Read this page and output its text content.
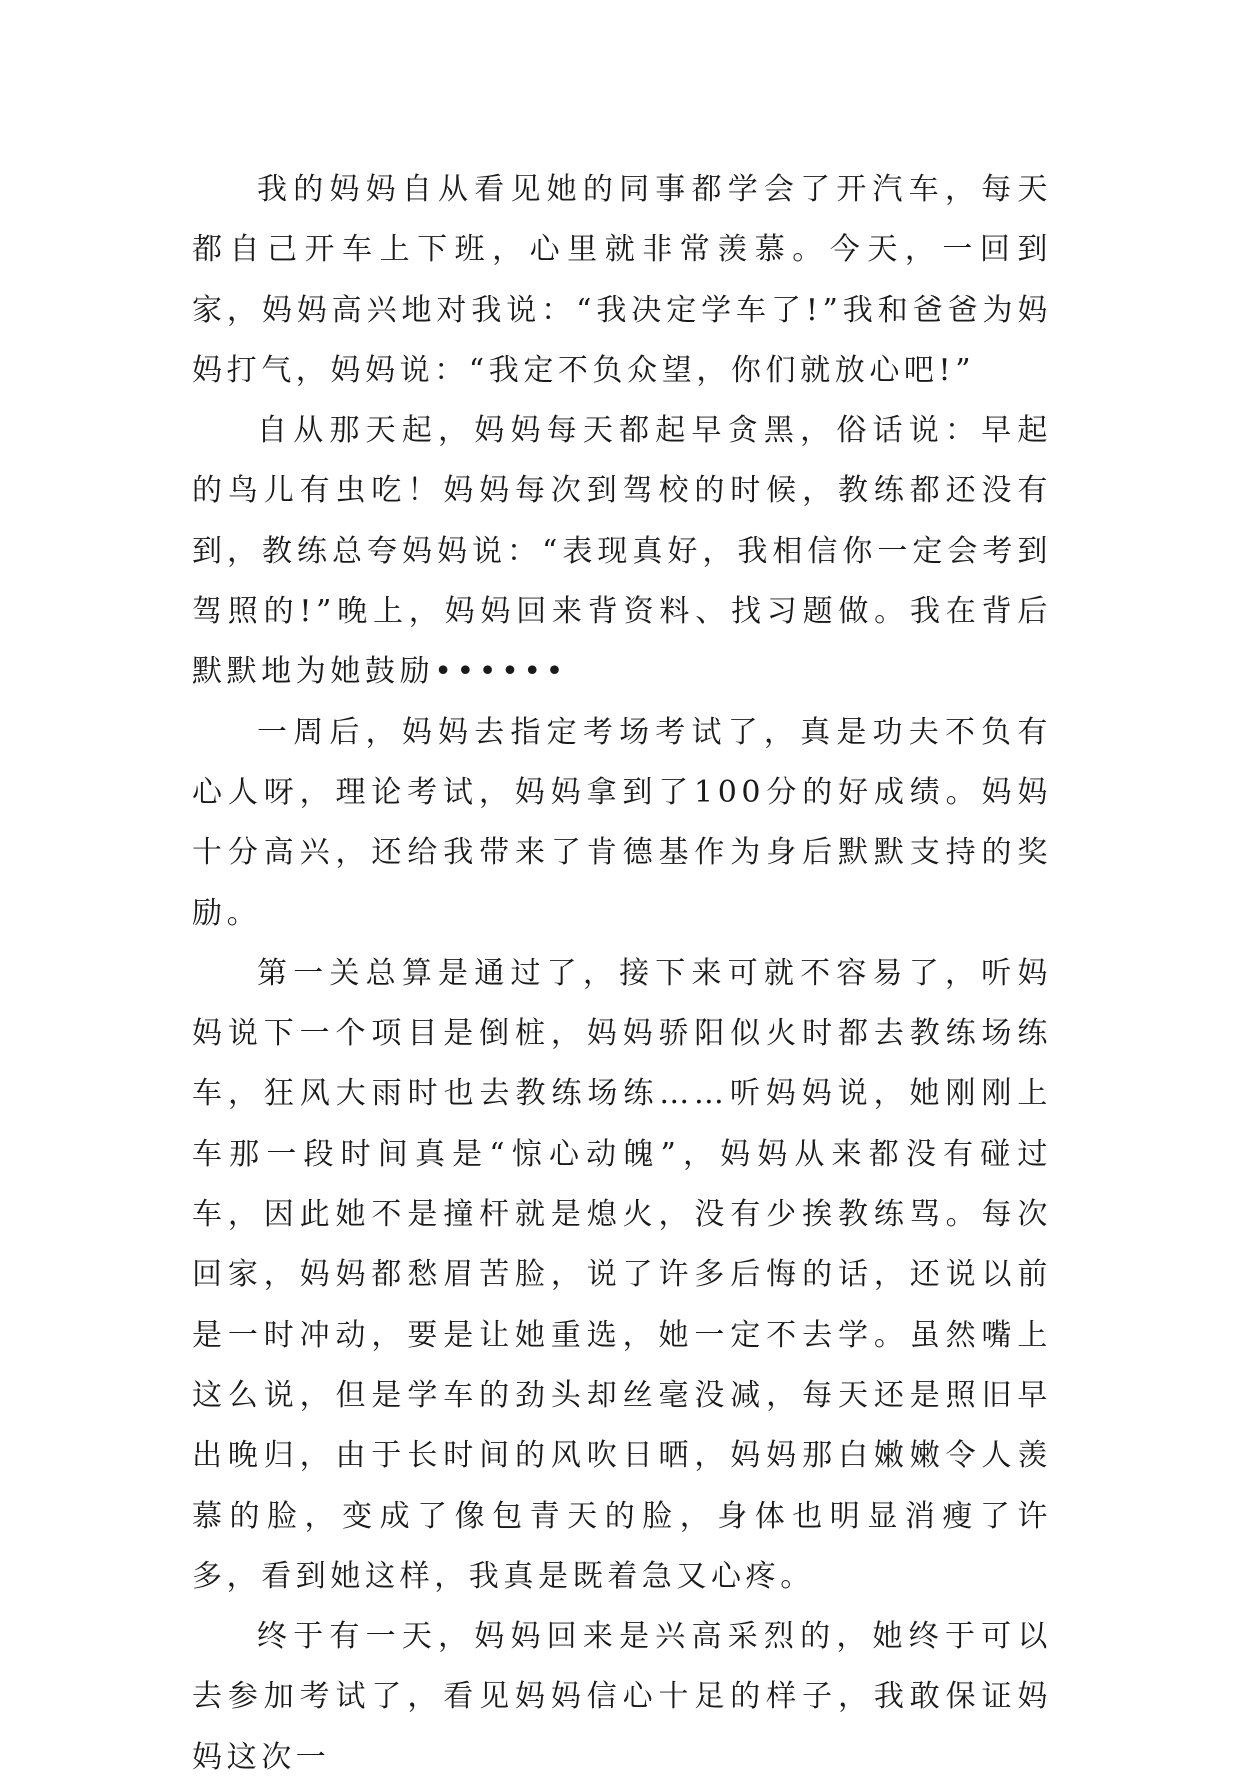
我的妈妈自从看见她的同事都学会了开汽车，每天都自己开车上下班，心里就非常羡慕。今天，一回到家，妈妈高兴地对我说：“我决定学车了!”我和爸爸为妈妈打气，妈妈说：“我定不负众望，你们就放心吧!”

自从那天起，妈妈每天都起早贪黑，俗话说：早起的鸟儿有虫吃！妈妈每次到驾校的时候，教练都还没有到，教练总夸妈妈说：“表现真好，我相信你一定会考到驾照的!”晚上，妈妈回来背资料、找习题做。我在背后默默地为她鼓励••••••

一周后，妈妈去指定考场考试了，真是功夫不负有心人呀，理论考试，妈妈拿到了100分的好成绩。妈妈十分高兴，还给我带来了肯德基作为身后默默支持的奖励。

第一关总算是通过了，接下来可就不容易了，听妈妈说下一个项目是倒桩，妈妈骄阳似火时都去教练场练车，狂风大雨时也去教练场练……听妈妈说，她刚刚上车那一段时间真是“惊心动魄”，妈妈从来都没有碰过车，因此她不是撞杆就是熄火，没有少挨教练骂。每次回家，妈妈都愁眉苦脸，说了许多后悔的话，还说以前是一时冲动，要是让她重选，她一定不去学。虽然嘴上这么说，但是学车的劲头却丝毫没减，每天还是照旧早出晚归，由于长时间的风吹日晒，妈妈那白嫩嫩令人羡慕的脸，变成了像包青天的脸，身体也明显消瘦了许多，看到她这样，我真是既着急又心疼。

终于有一天，妈妈回来是兴高采烈的，她终于可以去参加考试了，看见妈妈信心十足的样子，我敢保证妈妈这次一
